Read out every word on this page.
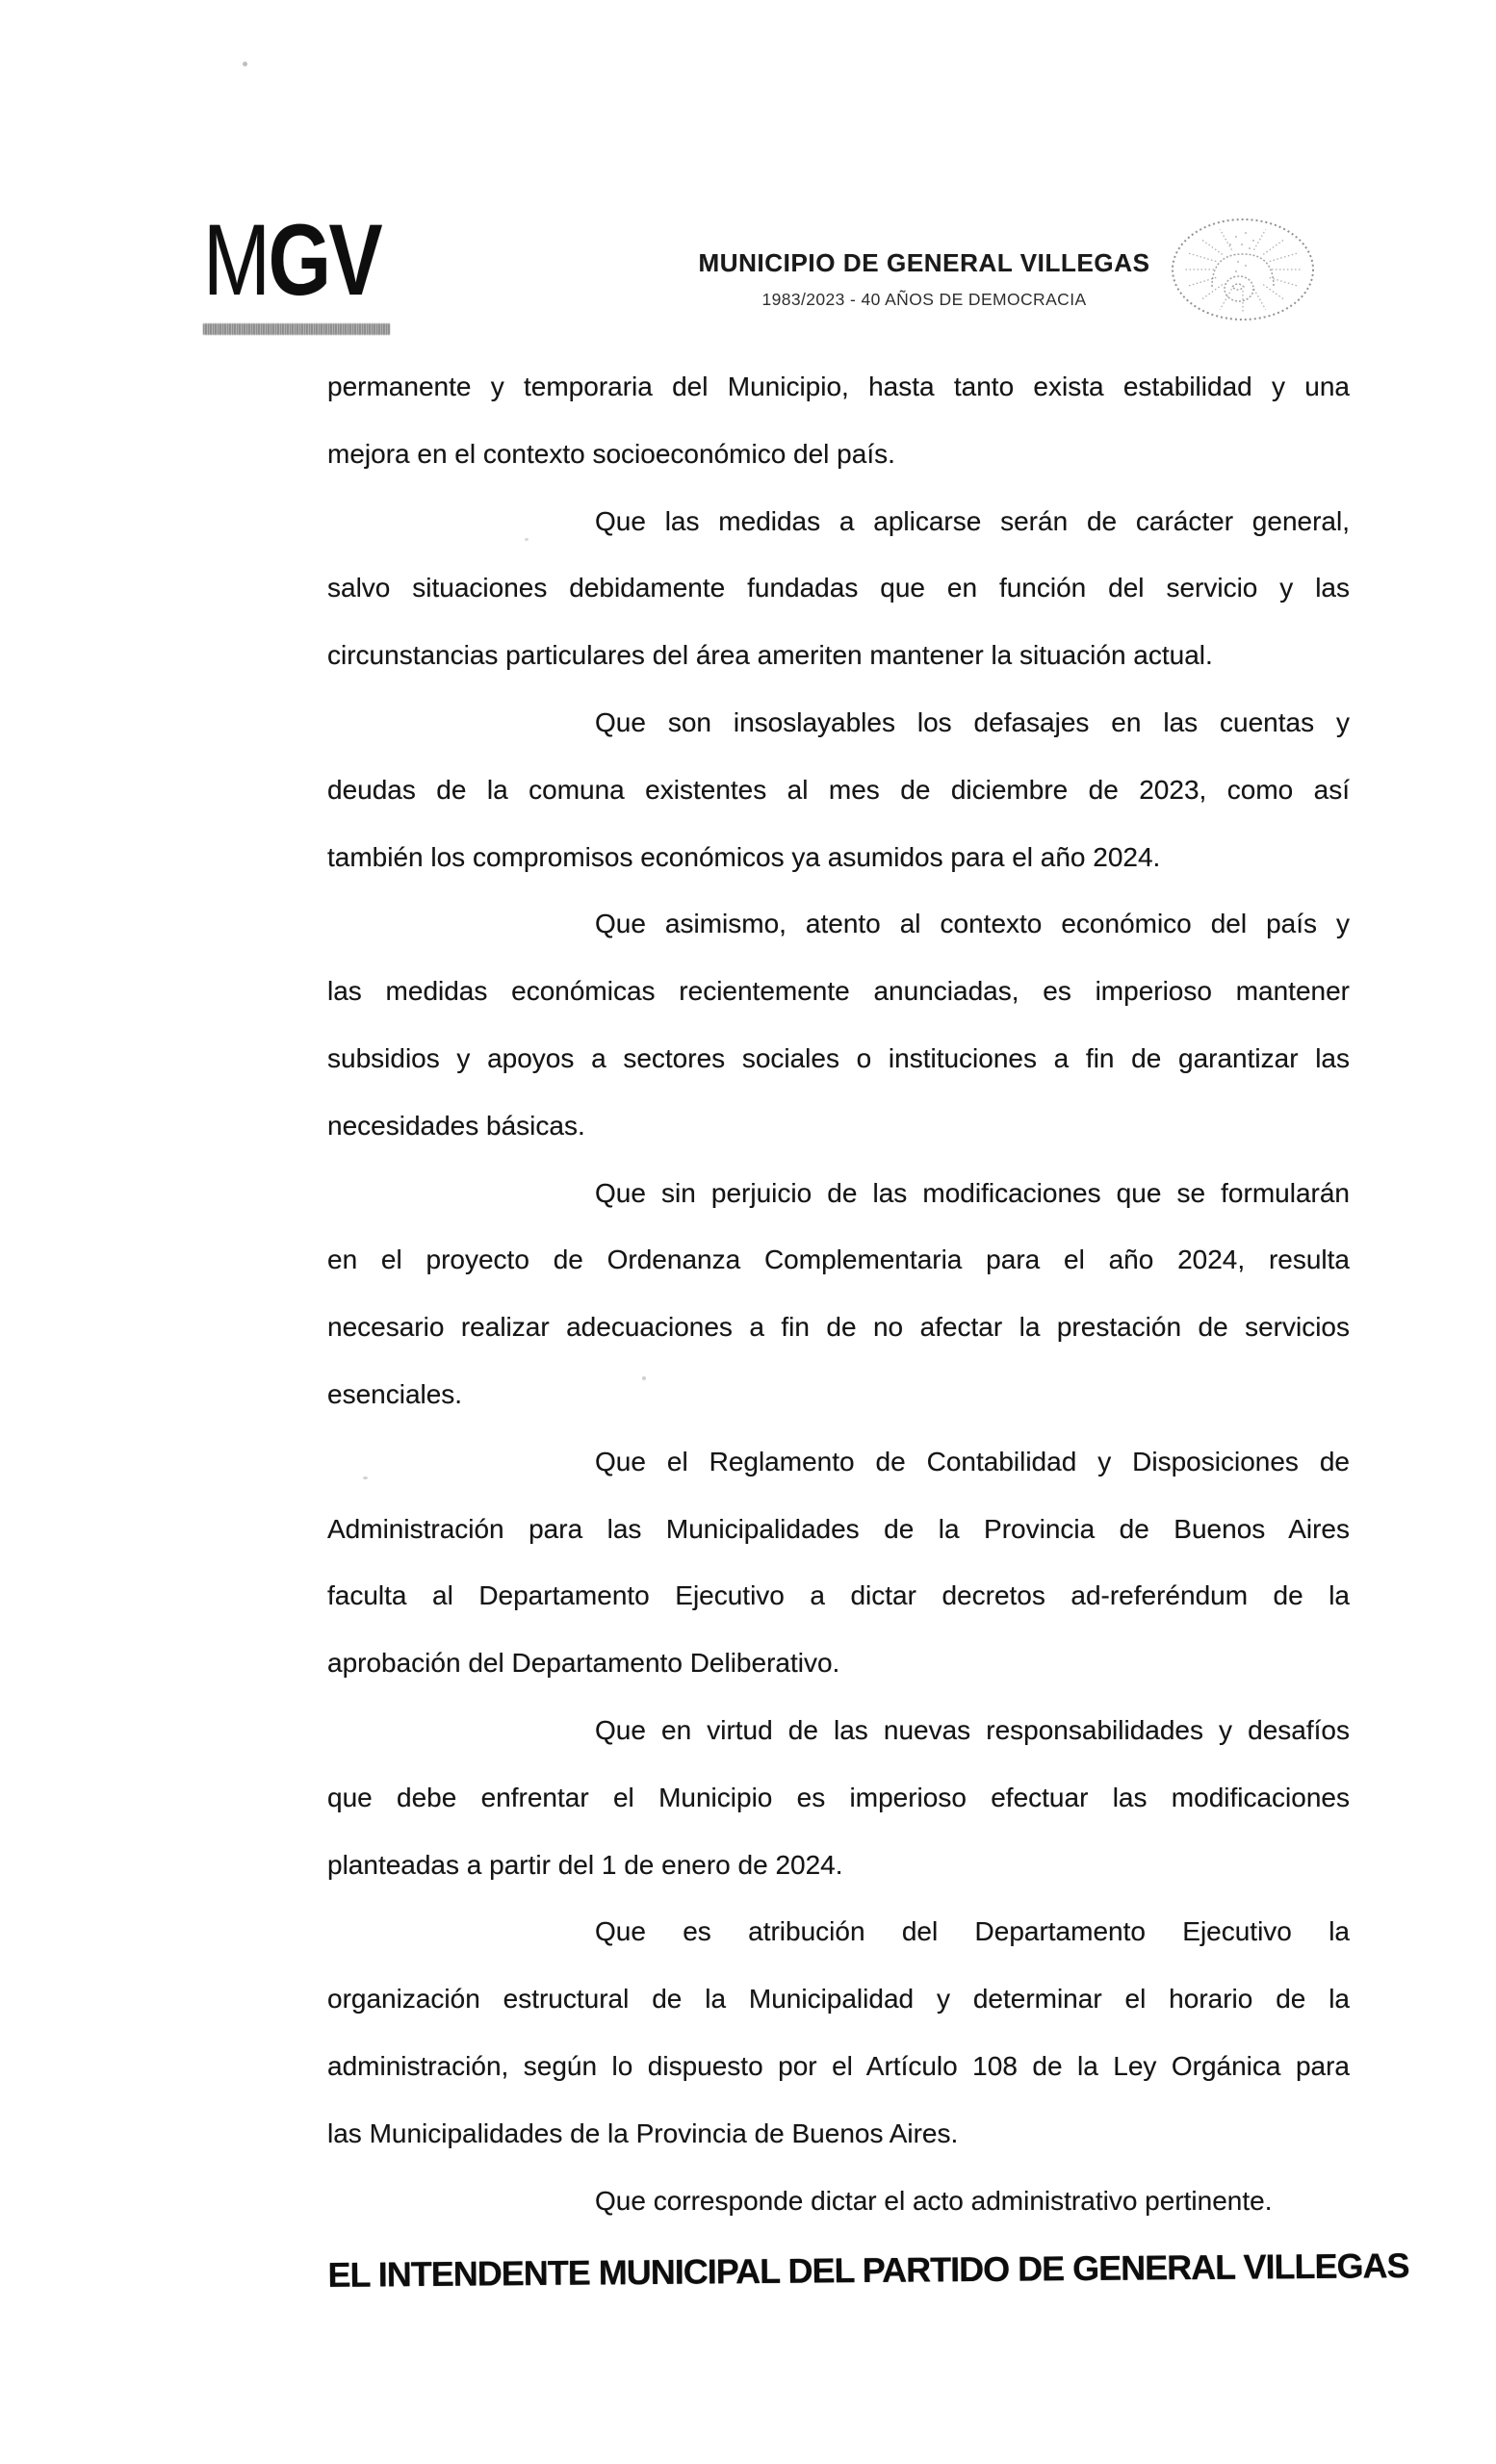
MGV	MUNICIPIO DE GENERAL VILLEGAS
1983/2023 - 40 AÑOS DE DEMOCRACIA
permanente y temporaria del Municipio, hasta tanto exista estabilidad y una
mejora en el contexto socioeconómico del país.
Que las medidas a aplicarse serán de carácter general,
salvo situaciones debidamente fundadas que en función del servicio y las
circunstancias particulares del área ameriten mantener la situación actual.
Que son insoslayables los defasajes en las cuentas y
deudas de la comuna existentes al mes de diciembre de 2023, como así
también los compromisos económicos ya asumidos para el año 2024.
Que asimismo, atento al contexto económico del país y
las medidas económicas recientemente anunciadas, es imperioso mantener
subsidios y apoyos a sectores sociales o instituciones a fin de garantizar las
necesidades básicas.
Que sin perjuicio de las modificaciones que se formularán
en el proyecto de Ordenanza Complementaria para el año 2024, resulta
necesario realizar adecuaciones a fin de no afectar la prestación de servicios
esenciales.
Que el Reglamento de Contabilidad y Disposiciones de
Administración para las Municipalidades de la Provincia de Buenos Aires
faculta al Departamento Ejecutivo a dictar decretos ad-referéndum de la
aprobación del Departamento Deliberativo.
Que en virtud de las nuevas responsabilidades y desafíos
que debe enfrentar el Municipio es imperioso efectuar las modificaciones
planteadas a partir del 1 de enero de 2024.
Que es atribución del Departamento Ejecutivo la
organización estructural de la Municipalidad y determinar el horario de la
administración, según lo dispuesto por el Artículo 108 de la Ley Orgánica para
las Municipalidades de la Provincia de Buenos Aires.
Que corresponde dictar el acto administrativo pertinente.
EL INTENDENTE MUNICIPAL DEL PARTIDO DE GENERAL VILLEGAS
